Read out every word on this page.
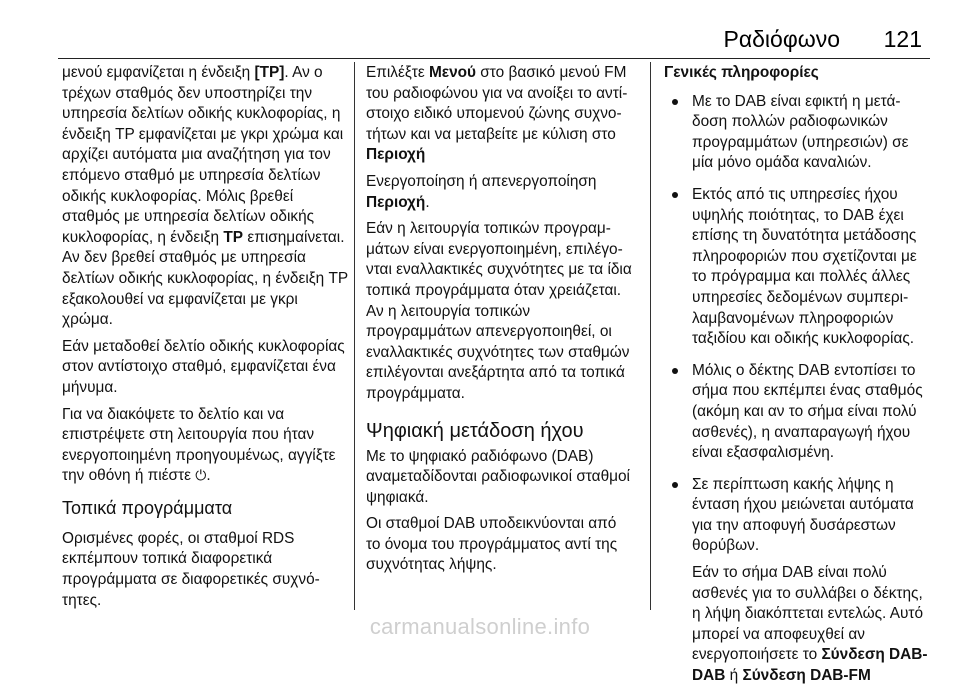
Ραδιόφωνο 121

μενού εμφανίζεται η ένδειξη [TP]. Αν ο τρέχων σταθμός δεν υποστηρίζει την υπηρεσία δελτίων οδικής κυκλοφορίας, η ένδειξη TP εμφανίζεται με γκρι χρώμα και αρχίζει αυτόματα μια αναζήτηση για τον επόμενο σταθμό με υπηρεσία δελτίων οδικής κυκλοφορίας. Μόλις βρεθεί σταθμός με υπηρεσία δελτίων οδικής κυκλοφορίας, η ένδειξη TP επισημαίνεται. Αν δεν βρεθεί σταθμός με υπηρεσία δελτίων οδικής κυκλοφορίας, η ένδειξη TP εξακολουθεί να εμφανίζεται με γκρι χρώμα.

Εάν μεταδοθεί δελτίο οδικής κυκλοφορίας στον αντίστοιχο σταθμό, εμφανίζεται ένα μήνυμα.

Για να διακόψετε το δελτίο και να επιστρέψετε στη λειτουργία που ήταν ενεργοποιημένη προηγουμένως, αγγίξτε την οθόνη ή πιέστε ⏻.

Τοπικά προγράμματα

Ορισμένες φορές, οι σταθμοί RDS εκπέμπουν τοπικά διαφορετικά προγράμματα σε διαφορετικές συχνότητες.

Επιλέξτε Μενού στο βασικό μενού FM του ραδιοφώνου για να ανοίξει το αντίστοιχο ειδικό υπομενού ζώνης συχνοτήτων και να μεταβείτε με κύλιση στο Περιοχή

Ενεργοποίηση ή απενεργοποίηση Περιοχή.

Εάν η λειτουργία τοπικών προγραμμάτων είναι ενεργοποιημένη, επιλέγονται εναλλακτικές συχνότητες με τα ίδια τοπικά προγράμματα όταν χρειάζεται. Αν η λειτουργία τοπικών προγραμμάτων απενεργοποιηθεί, οι εναλλακτικές συχνότητες των σταθμών επιλέγονται ανεξάρτητα από τα τοπικά προγράμματα.

Ψηφιακή μετάδοση ήχου

Με το ψηφιακό ραδιόφωνο (DAB) αναμεταδίδονται ραδιοφωνικοί σταθμοί ψηφιακά.

Οι σταθμοί DAB υποδεικνύονται από το όνομα του προγράμματος αντί της συχνότητας λήψης.

Γενικές πληροφορίες

Με το DAB είναι εφικτή η μετάδοση πολλών ραδιοφωνικών προγραμμάτων (υπηρεσιών) σε μία μόνο ομάδα καναλιών.

Εκτός από τις υπηρεσίες ήχου υψηλής ποιότητας, το DAB έχει επίσης τη δυνατότητα μετάδοσης πληροφοριών που σχετίζονται με το πρόγραμμα και πολλές άλλες υπηρεσίες δεδομένων συμπεριλαμβανομένων πληροφοριών ταξιδίου και οδικής κυκλοφορίας.

Μόλις ο δέκτης DAB εντοπίσει το σήμα που εκπέμπει ένας σταθμός (ακόμη και αν το σήμα είναι πολύ ασθενές), η αναπαραγωγή ήχου είναι εξασφαλισμένη.

Σε περίπτωση κακής λήψης η ένταση ήχου μειώνεται αυτόματα για την αποφυγή δυσάρεστων θορύβων.

Εάν το σήμα DAB είναι πολύ ασθενές για το συλλάβει ο δέκτης, η λήψη διακόπτεται εντελώς. Αυτό μπορεί να αποφευχθεί αν ενεργοποιήσετε το Σύνδεση DAB-DAB ή Σύνδεση DAB-FM

carmanualsonline.info
